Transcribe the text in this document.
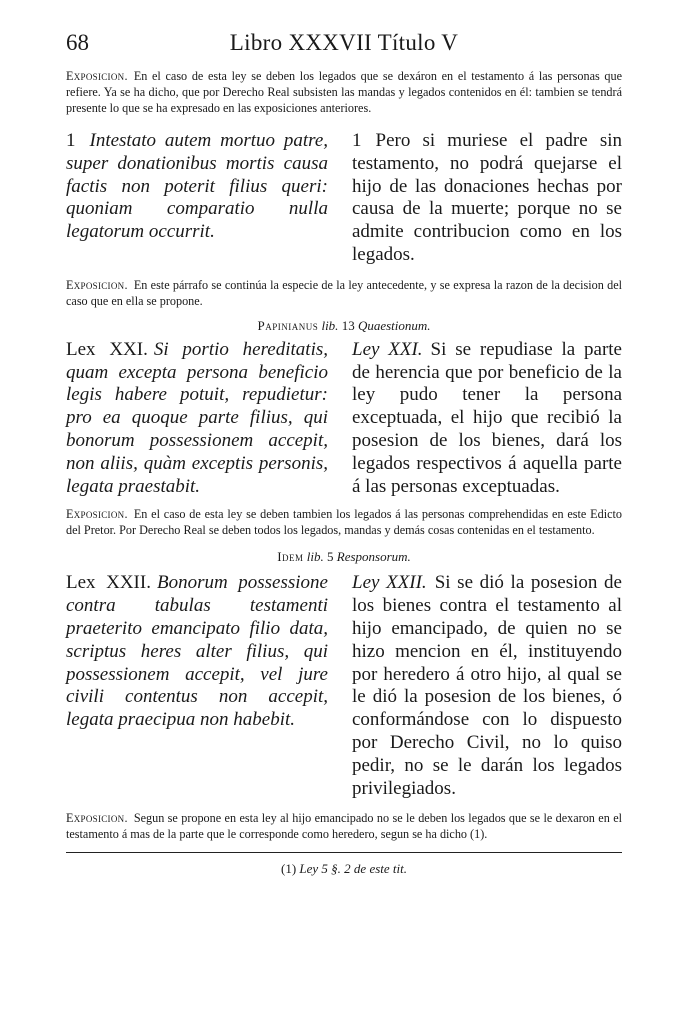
68	Libro XXXVII Título V

Exposicion. En el caso de esta ley se deben los legados que se dexáron en el testamento á las personas que refiere. Ya se ha dicho, que por Derecho Real subsisten las mandas y legados contenidos en él: tambien se tendrá presente lo que se ha expresado en las exposiciones anteriores.

1 Intestato autem mortuo patre, super donationibus mortis causa factis non poterit filius queri: quoniam comparatio nulla legatorum occurrit.

1 Pero si muriese el padre sin testamento, no podrá quejarse el hijo de las donaciones hechas por causa de la muerte; porque no se admite contribucion como en los legados.

Exposicion. En este párrafo se continúa la especie de la ley antecedente, y se expresa la razon de la decision del caso que en ella se propone.

Papinianus lib. 13 Quaestionum.

Lex XXI. Si portio hereditatis, quam excepta persona beneficio legis habere potuit, repudietur: pro ea quoque parte filius, qui bonorum possessionem accepit, non aliis, quàm exceptis personis, legata praestabit.

Ley XXI. Si se repudiase la parte de herencia que por beneficio de la ley pudo tener la persona exceptuada, el hijo que recibió la posesion de los bienes, dará los legados respectivos á aquella parte á las personas exceptuadas.

Exposicion. En el caso de esta ley se deben tambien los legados á las personas comprehendidas en este Edicto del Pretor. Por Derecho Real se deben todos los legados, mandas y demás cosas contenidas en el testamento.

Idem lib. 5 Responsorum.

Lex XXII. Bonorum possessione contra tabulas testamenti praeterito emancipato filio data, scriptus heres alter filius, qui possessionem accepit, vel jure civili contentus non accepit, legata praecipua non habebit.

Ley XXII. Si se dió la posesion de los bienes contra el testamento al hijo emancipado, de quien no se hizo mencion en él, instituyendo por heredero á otro hijo, al qual se le dió la posesion de los bienes, ó conformándose con lo dispuesto por Derecho Civil, no lo quiso pedir, no se le darán los legados privilegiados.

Exposicion. Segun se propone en esta ley al hijo emancipado no se le deben los legados que se le dexaron en el testamento á mas de la parte que le corresponde como heredero, segun se ha dicho (1).

(1) Ley 5 §. 2 de este tit.
